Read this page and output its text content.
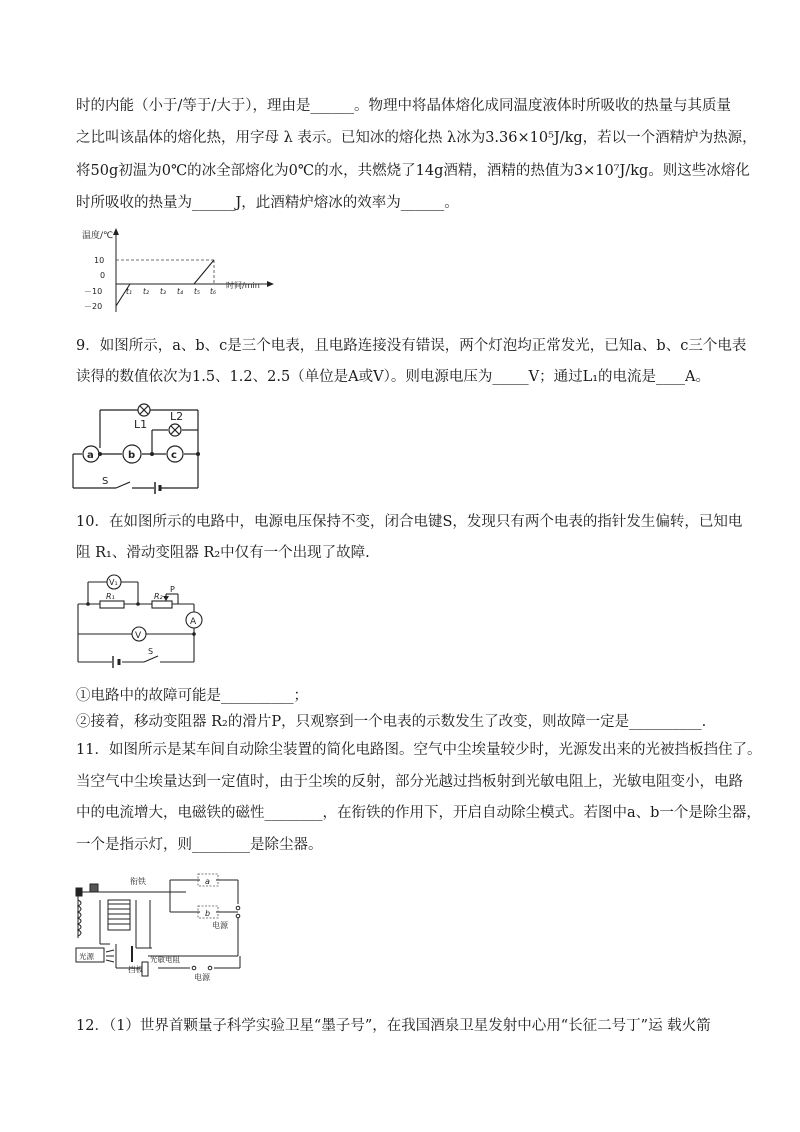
时的内能（小于/等于/大于），理由是______。物理中将晶体熔化成同温度液体时所吸收的热量与其质量
之比叫该晶体的熔化热，用字母 λ 表示。已知冰的熔化热 λ冰为3.36×10⁵J/kg，若以一个酒精炉为热源，
将50g初温为0℃的冰全部熔化为0℃的水，共燃烧了14g酒精，酒精的热值为3×10⁷J/kg。则这些冰熔化
时所吸收的热量为______J，此酒精炉熔冰的效率为______。
温度/℃
时间/min
10
0
－10
－20
t₁ t₂ t₃ t₄ t₅ t₆
9．如图所示，a、b、c是三个电表，且电路连接没有错误，两个灯泡均正常发光，已知a、b、c三个电表
读得的数值依次为1.5、1.2、2.5（单位是A或V）。则电源电压为_____V；通过L₁的电流是____A。
L1
L2
a	b	c
S
10．在如图所示的电路中，电源电压保持不变，闭合电键S，发现只有两个电表的指针发生偏转，已知电
阻 R₁、滑动变阻器 R₂中仅有一个出现了故障.
V₁
R₁	R₂
P
A
V
S
①电路中的故障可能是__________；
②接着，移动变阻器 R₂的滑片P，只观察到一个电表的示数发生了改变，则故障一定是__________.
11．如图所示是某车间自动除尘装置的简化电路图。空气中尘埃量较少时，光源发出来的光被挡板挡住了。
当空气中尘埃量达到一定值时，由于尘埃的反射，部分光越过挡板射到光敏电阻上，光敏电阻变小，电路
中的电流增大，电磁铁的磁性________，在衔铁的作用下，开启自动除尘模式。若图中a、b一个是除尘器，
一个是指示灯，则________是除尘器。
衔铁	a
b
电源
光源
挡板
光敏电阻
电源
12．（1）世界首颗量子科学实验卫星“墨子号”，在我国酒泉卫星发射中心用“长征二号丁”运 载火箭
